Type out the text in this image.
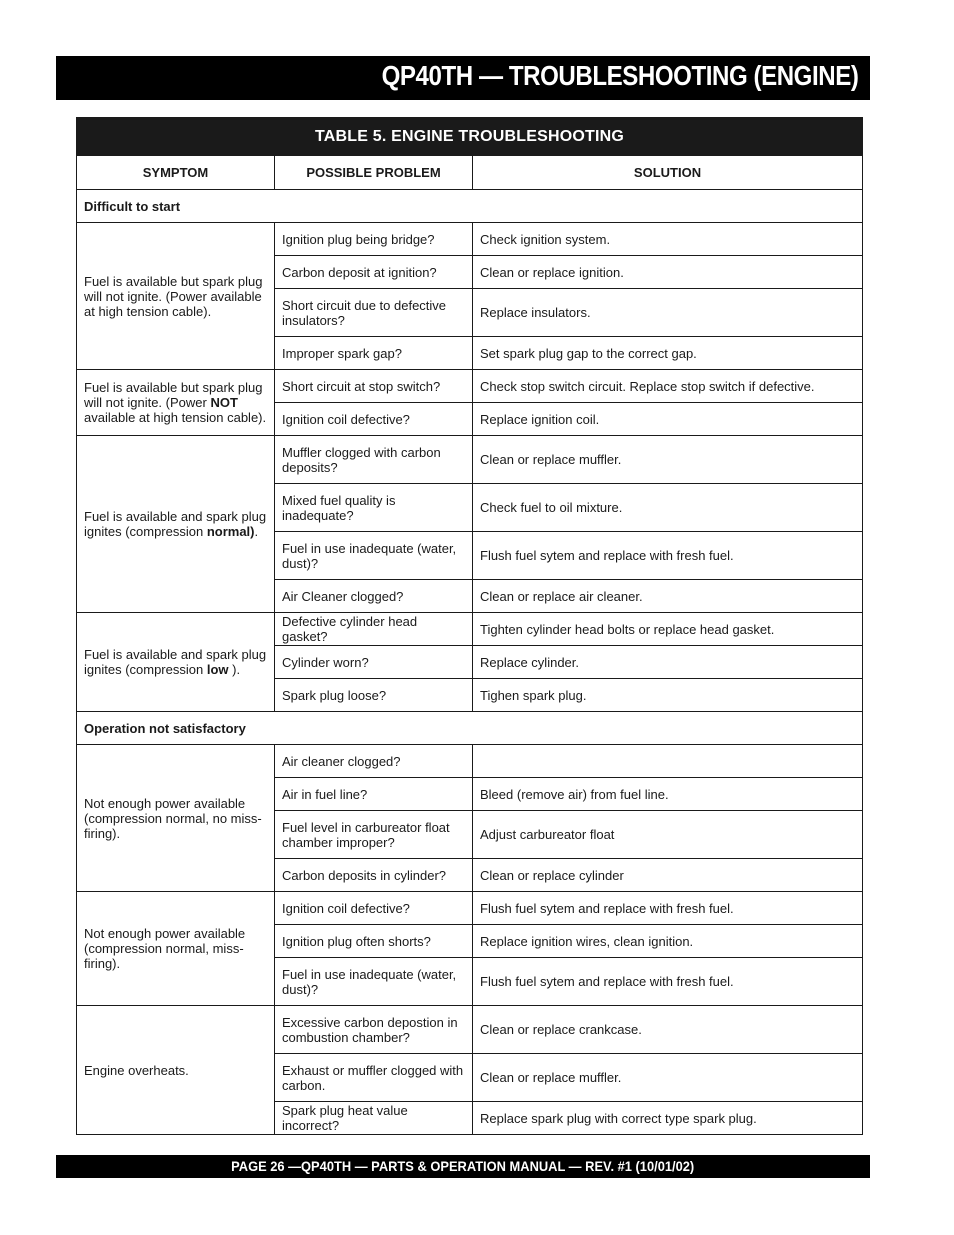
QP40TH — TROUBLESHOOTING (ENGINE)
TABLE 5. ENGINE TROUBLESHOOTING		
SYMPTOM	POSSIBLE PROBLEM	SOLUTION
Difficult to start		
Fuel is available but spark plug will not ignite. (Power available at high tension cable).	Ignition plug being bridge?	Check ignition system.
	Carbon deposit at ignition?	Clean or replace ignition.
	Short circuit due to defective insulators?	Replace insulators.
	Improper spark gap?	Set spark plug gap to the correct gap.
Fuel is available but spark plug will not ignite. (Power NOT available at high tension cable).	Short circuit at stop switch?	Check stop switch circuit. Replace stop switch if defective.
	Ignition coil defective?	Replace ignition coil.
Fuel is available and spark plug ignites (compression normal).	Muffler clogged with carbon deposits?	Clean or replace muffler.
	Mixed fuel quality is inadequate?	Check fuel to oil mixture.
	Fuel in use inadequate (water, dust)?	Flush fuel sytem and replace with fresh fuel.
	Air Cleaner clogged?	Clean or replace air cleaner.
Fuel is available and spark plug ignites (compression low ).	Defective cylinder head gasket?	Tighten cylinder head bolts or replace head gasket.
	Cylinder worn?	Replace cylinder.
	Spark plug loose?	Tighen spark plug.
Operation not satisfactory		
Not enough power available (compression normal, no miss-firing).	Air cleaner clogged?	
	Air in fuel line?	Bleed (remove air) from fuel line.
	Fuel level in carbureator float chamber improper?	Adjust carbureator float
	Carbon deposits in cylinder?	Clean or replace cylinder
Not enough power available (compression normal, miss-firing).	Ignition coil defective?	Flush fuel sytem and replace with fresh fuel.
	Ignition plug often shorts?	Replace ignition wires, clean ignition.
	Fuel in use inadequate (water, dust)?	Flush fuel sytem and replace with fresh fuel.
Engine overheats.	Excessive carbon depostion in combustion chamber?	Clean or replace crankcase.
	Exhaust or muffler clogged with carbon.	Clean or replace muffler.
	Spark plug heat value incorrect?	Replace spark plug with correct type spark plug.
PAGE 26 —QP40TH — PARTS & OPERATION MANUAL — REV. #1 (10/01/02)
